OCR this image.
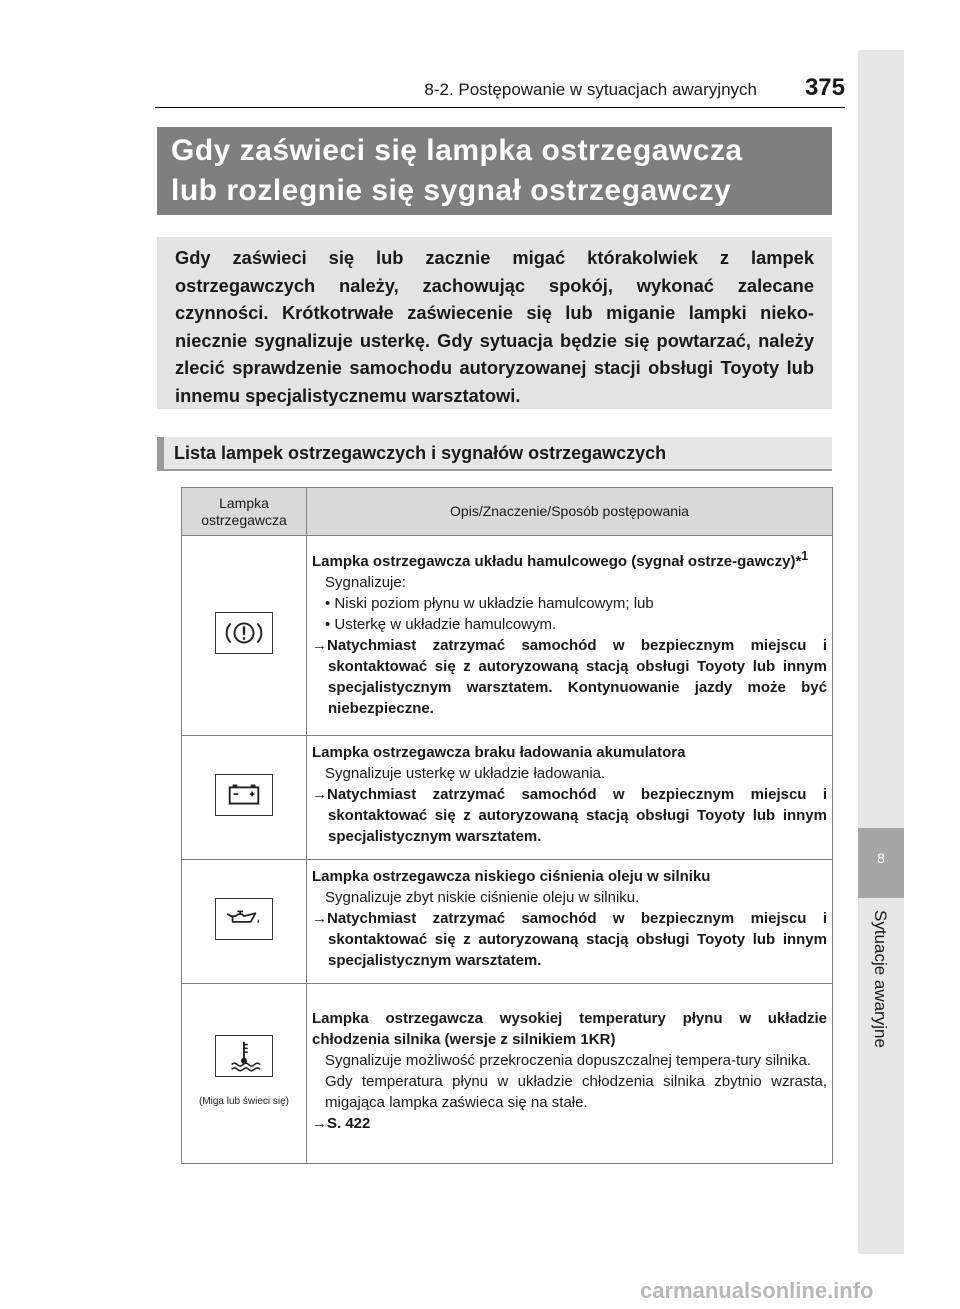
8
Sytuacje awaryjne
8-2. Postępowanie w sytuacjach awaryjnych 375
Gdy zaświeci się lampka ostrzegawcza
lub rozlegnie się sygnał ostrzegawczy
Gdy zaświeci się lub zacznie migać którakolwiek z lampek ostrzegawczych należy, zachowując spokój, wykonać zalecane czynności. Krótkotrwałe zaświecenie się lub miganie lampki nieko-niecznie sygnalizuje usterkę. Gdy sytuacja będzie się powtarzać, należy zlecić sprawdzenie samochodu autoryzowanej stacji obsługi Toyoty lub innemu specjalistycznemu warsztatowi.
Lista lampek ostrzegawczych i sygnałów ostrzegawczych
Lampka
ostrzegawcza	Opis/Znaczenie/Sposób postępowania

Lampka ostrzegawcza układu hamulcowego (sygnał ostrze-gawczy)*$^1$
Sygnalizuje:
• Niski poziom płynu w układzie hamulcowym; lub
• Usterkę w układzie hamulcowym.
→Natychmiast zatrzymać samochód w bezpiecznym miejscu i skontaktować się z autoryzowaną stacją obsługi Toyoty lub innym specjalistycznym warsztatem. Kontynuowanie jazdy może być niebezpieczne.

Lampka ostrzegawcza braku ładowania akumulatora
Sygnalizuje usterkę w układzie ładowania.
→Natychmiast zatrzymać samochód w bezpiecznym miejscu i skontaktować się z autoryzowaną stacją obsługi Toyoty lub innym specjalistycznym warsztatem.

Lampka ostrzegawcza niskiego ciśnienia oleju w silniku
Sygnalizuje zbyt niskie ciśnienie oleju w silniku.
→Natychmiast zatrzymać samochód w bezpiecznym miejscu i skontaktować się z autoryzowaną stacją obsługi Toyoty lub innym specjalistycznym warsztatem.

(Miga lub świeci się)	Lampka ostrzegawcza wysokiej temperatury płynu w układzie chłodzenia silnika (wersje z silnikiem 1KR)
Sygnalizuje możliwość przekroczenia dopuszczalnej tempera-tury silnika.
Gdy temperatura płynu w układzie chłodzenia silnika zbytnio wzrasta, migająca lampka zaświeca się na stałe.
→S. 422
carmanualsonline.info
